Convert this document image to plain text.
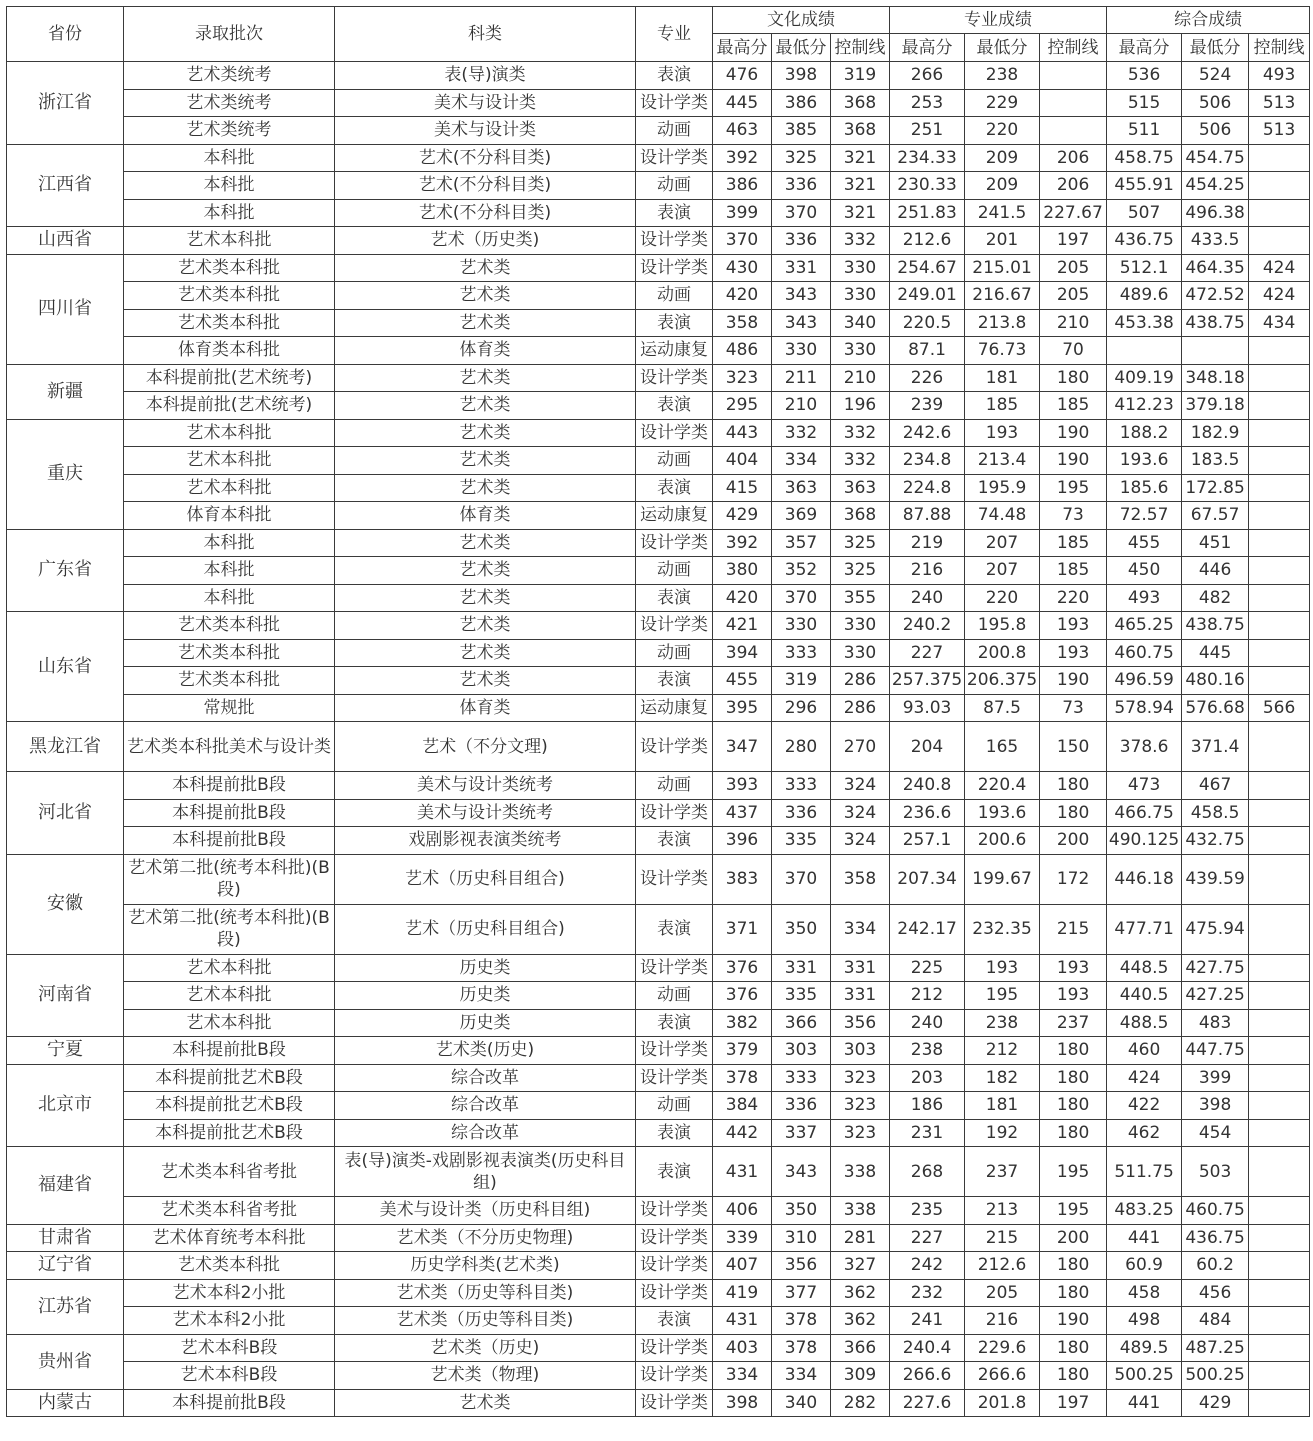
省份	录取批次	科类	专业	文化成绩			专业成绩			综合成绩		
				最高分	最低分	控制线	最高分	最低分	控制线	最高分	最低分	控制线
浙江省	艺术类统考	表(导)演类	表演	476	398	319	266	238		536	524	493
	艺术类统考	美术与设计类	设计学类	445	386	368	253	229		515	506	513
	艺术类统考	美术与设计类	动画	463	385	368	251	220		511	506	513
江西省	本科批	艺术(不分科目类)	设计学类	392	325	321	234.33	209	206	458.75	454.75	
	本科批	艺术(不分科目类)	动画	386	336	321	230.33	209	206	455.91	454.25	
	本科批	艺术(不分科目类)	表演	399	370	321	251.83	241.5	227.67	507	496.38	
山西省	艺术本科批	艺术（历史类)	设计学类	370	336	332	212.6	201	197	436.75	433.5	
四川省	艺术类本科批	艺术类	设计学类	430	331	330	254.67	215.01	205	512.1	464.35	424
	艺术类本科批	艺术类	动画	420	343	330	249.01	216.67	205	489.6	472.52	424
	艺术类本科批	艺术类	表演	358	343	340	220.5	213.8	210	453.38	438.75	434
	体育类本科批	体育类	运动康复	486	330	330	87.1	76.73	70			
新疆	本科提前批(艺术统考)	艺术类	设计学类	323	211	210	226	181	180	409.19	348.18	
	本科提前批(艺术统考)	艺术类	表演	295	210	196	239	185	185	412.23	379.18	
重庆	艺术本科批	艺术类	设计学类	443	332	332	242.6	193	190	188.2	182.9	
	艺术本科批	艺术类	动画	404	334	332	234.8	213.4	190	193.6	183.5	
	艺术本科批	艺术类	表演	415	363	363	224.8	195.9	195	185.6	172.85	
	体育本科批	体育类	运动康复	429	369	368	87.88	74.48	73	72.57	67.57	
广东省	本科批	艺术类	设计学类	392	357	325	219	207	185	455	451	
	本科批	艺术类	动画	380	352	325	216	207	185	450	446	
	本科批	艺术类	表演	420	370	355	240	220	220	493	482	
山东省	艺术类本科批	艺术类	设计学类	421	330	330	240.2	195.8	193	465.25	438.75	
	艺术类本科批	艺术类	动画	394	333	330	227	200.8	193	460.75	445	
	艺术类本科批	艺术类	表演	455	319	286	257.375	206.375	190	496.59	480.16	
	常规批	体育类	运动康复	395	296	286	93.03	87.5	73	578.94	576.68	566
黑龙江省	艺术类本科批美术与设计类	艺术（不分文理)	设计学类	347	280	270	204	165	150	378.6	371.4	
河北省	本科提前批B段	美术与设计类统考	动画	393	333	324	240.8	220.4	180	473	467	
	本科提前批B段	美术与设计类统考	设计学类	437	336	324	236.6	193.6	180	466.75	458.5	
	本科提前批B段	戏剧影视表演类统考	表演	396	335	324	257.1	200.6	200	490.125	432.75	
安徽	艺术第二批(统考本科批)(B段)	艺术（历史科目组合)	设计学类	383	370	358	207.34	199.67	172	446.18	439.59	
	艺术第二批(统考本科批)(B段)	艺术（历史科目组合)	表演	371	350	334	242.17	232.35	215	477.71	475.94	
河南省	艺术本科批	历史类	设计学类	376	331	331	225	193	193	448.5	427.75	
	艺术本科批	历史类	动画	376	335	331	212	195	193	440.5	427.25	
	艺术本科批	历史类	表演	382	366	356	240	238	237	488.5	483	
宁夏	本科提前批B段	艺术类(历史)	设计学类	379	303	303	238	212	180	460	447.75	
北京市	本科提前批艺术B段	综合改革	设计学类	378	333	323	203	182	180	424	399	
	本科提前批艺术B段	综合改革	动画	384	336	323	186	181	180	422	398	
	本科提前批艺术B段	综合改革	表演	442	337	323	231	192	180	462	454	
福建省	艺术类本科省考批	表(导)演类-戏剧影视表演类(历史科目组)	表演	431	343	338	268	237	195	511.75	503	
	艺术类本科省考批	美术与设计类（历史科目组)	设计学类	406	350	338	235	213	195	483.25	460.75	
甘肃省	艺术体育统考本科批	艺术类（不分历史物理)	设计学类	339	310	281	227	215	200	441	436.75	
辽宁省	艺术类本科批	历史学科类(艺术类)	设计学类	407	356	327	242	212.6	180	60.9	60.2	
江苏省	艺术本科2小批	艺术类（历史等科目类)	设计学类	419	377	362	232	205	180	458	456	
	艺术本科2小批	艺术类（历史等科目类)	表演	431	378	362	241	216	190	498	484	
贵州省	艺术本科B段	艺术类（历史)	设计学类	403	378	366	240.4	229.6	180	489.5	487.25	
	艺术本科B段	艺术类（物理)	设计学类	334	334	309	266.6	266.6	180	500.25	500.25	
内蒙古	本科提前批B段	艺术类	设计学类	398	340	282	227.6	201.8	197	441	429	
